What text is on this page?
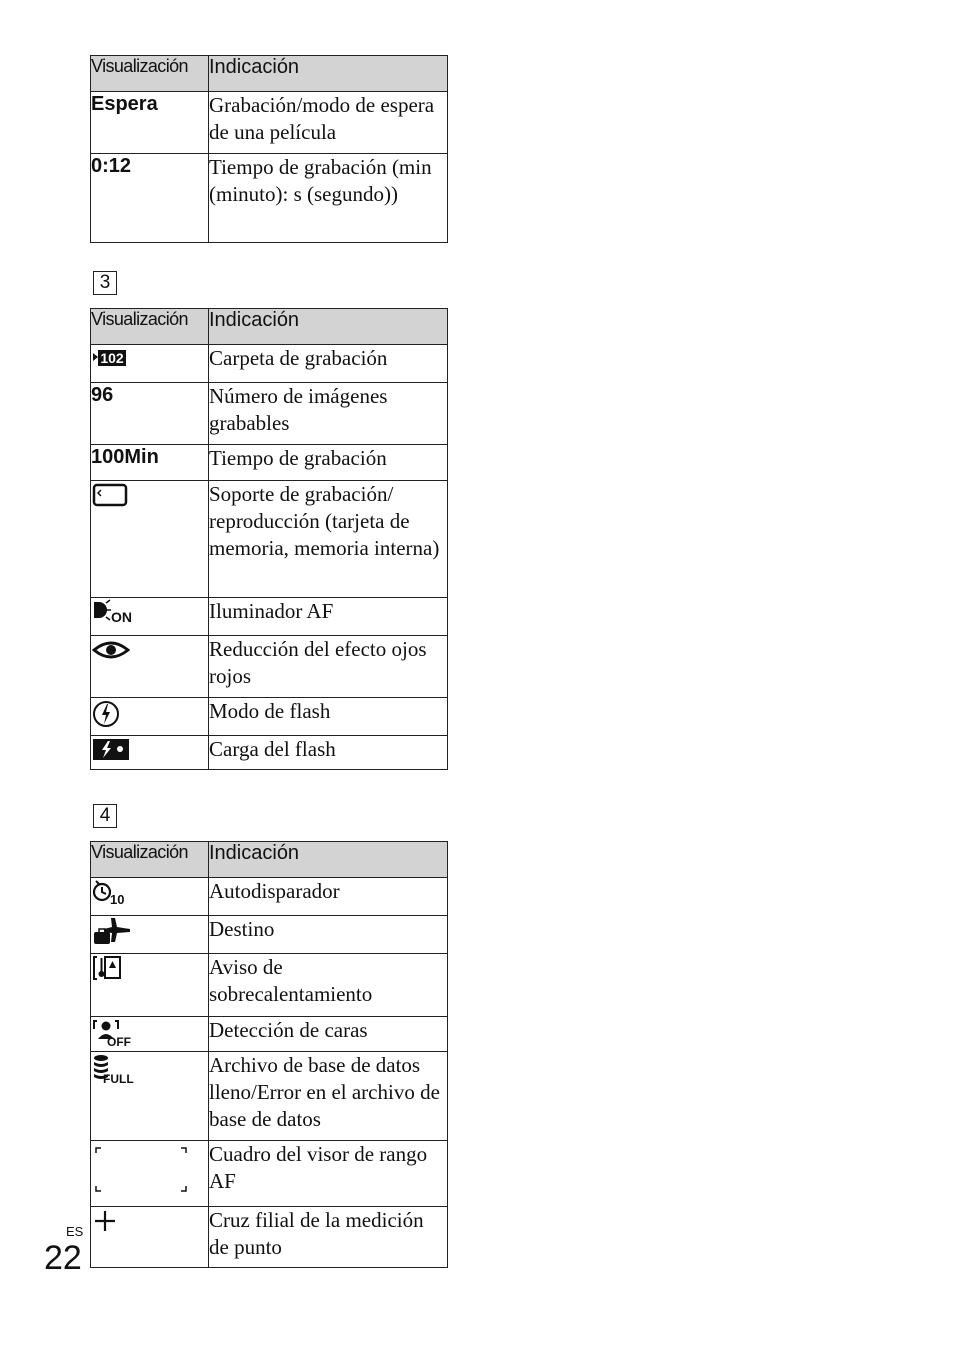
Visualización	Indicación
Espera	Grabación/modo de espera de una película
0:12	Tiempo de grabación (min (minuto): s (segundo))
3
Visualización	Indicación

102	Carpeta de grabación
96	Número de imágenes grabables
100Min	Tiempo de grabación

	Soporte de grabación/ reproducción (tarjeta de memoria, memoria interna)

ON	Iluminador AF

	Reducción del efecto ojos rojos

	Modo de flash

	Carga del flash
4
Visualización	Indicación

10	Autodisparador

	Destino

	Aviso de sobrecalentamiento

OFF	Detección de caras

FULL	Archivo de base de datos lleno/Error en el archivo de base de datos

	Cuadro del visor de rango AF

	Cruz filial de la medición de punto
ES
22
